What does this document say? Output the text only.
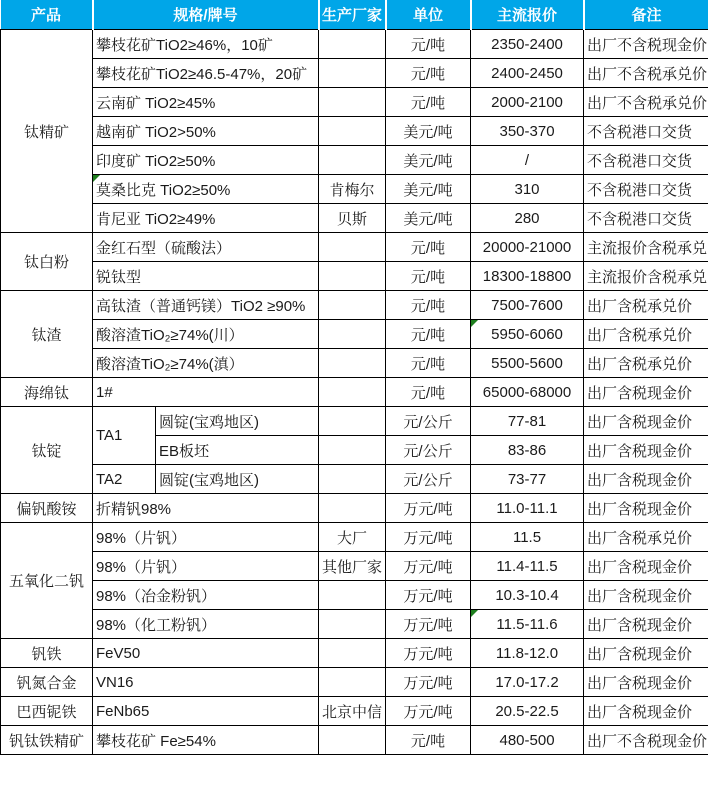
产品	规格/牌号		生产厂家	单位	主流报价	备注
钛精矿	攀枝花矿TiO2≥46%，10矿			元/吨	2350-2400	出厂不含税现金价
	攀枝花矿TiO2≥46.5-47%，20矿			元/吨	2400-2450	出厂不含税承兑价
	云南矿 TiO2≥45%			元/吨	2000-2100	出厂不含税承兑价
	越南矿 TiO2>50%			美元/吨	350-370	不含税港口交货
	印度矿 TiO2≥50%			美元/吨	/	不含税港口交货
	莫桑比克 TiO2≥50%		肯梅尔	美元/吨	310	不含税港口交货
	肯尼亚 TiO2≥49%		贝斯	美元/吨	280	不含税港口交货
钛白粉	金红石型（硫酸法）			元/吨	20000-21000	主流报价含税承兑
	锐钛型			元/吨	18300-18800	主流报价含税承兑
钛渣	高钛渣（普通钙镁）TiO2 ≥90%			元/吨	7500-7600	出厂含税承兑价
	酸溶渣TiO₂≥74%(川）			元/吨	5950-6060	出厂含税承兑价
	酸溶渣TiO₂≥74%(滇）			元/吨	5500-5600	出厂含税承兑价
海绵钛	1#			元/吨	65000-68000	出厂含税现金价
钛锭	TA1	圆锭(宝鸡地区)		元/公斤	77-81	出厂含税现金价
		EB板坯		元/公斤	83-86	出厂含税现金价
	TA2	圆锭(宝鸡地区)		元/公斤	73-77	出厂含税现金价
偏钒酸铵	折精钒98%			万元/吨	11.0-11.1	出厂含税现金价
五氧化二钒	98%（片钒）		大厂	万元/吨	11.5	出厂含税承兑价
	98%（片钒）		其他厂家	万元/吨	11.4-11.5	出厂含税现金价
	98%（冶金粉钒）			万元/吨	10.3-10.4	出厂含税现金价
	98%（化工粉钒）			万元/吨	11.5-11.6	出厂含税现金价
钒铁	FeV50			万元/吨	11.8-12.0	出厂含税现金价
钒氮合金	VN16			万元/吨	17.0-17.2	出厂含税现金价
巴西铌铁	FeNb65		北京中信	万元/吨	20.5-22.5	出厂含税现金价
钒钛铁精矿	攀枝花矿 Fe≥54%			元/吨	480-500	出厂不含税现金价
